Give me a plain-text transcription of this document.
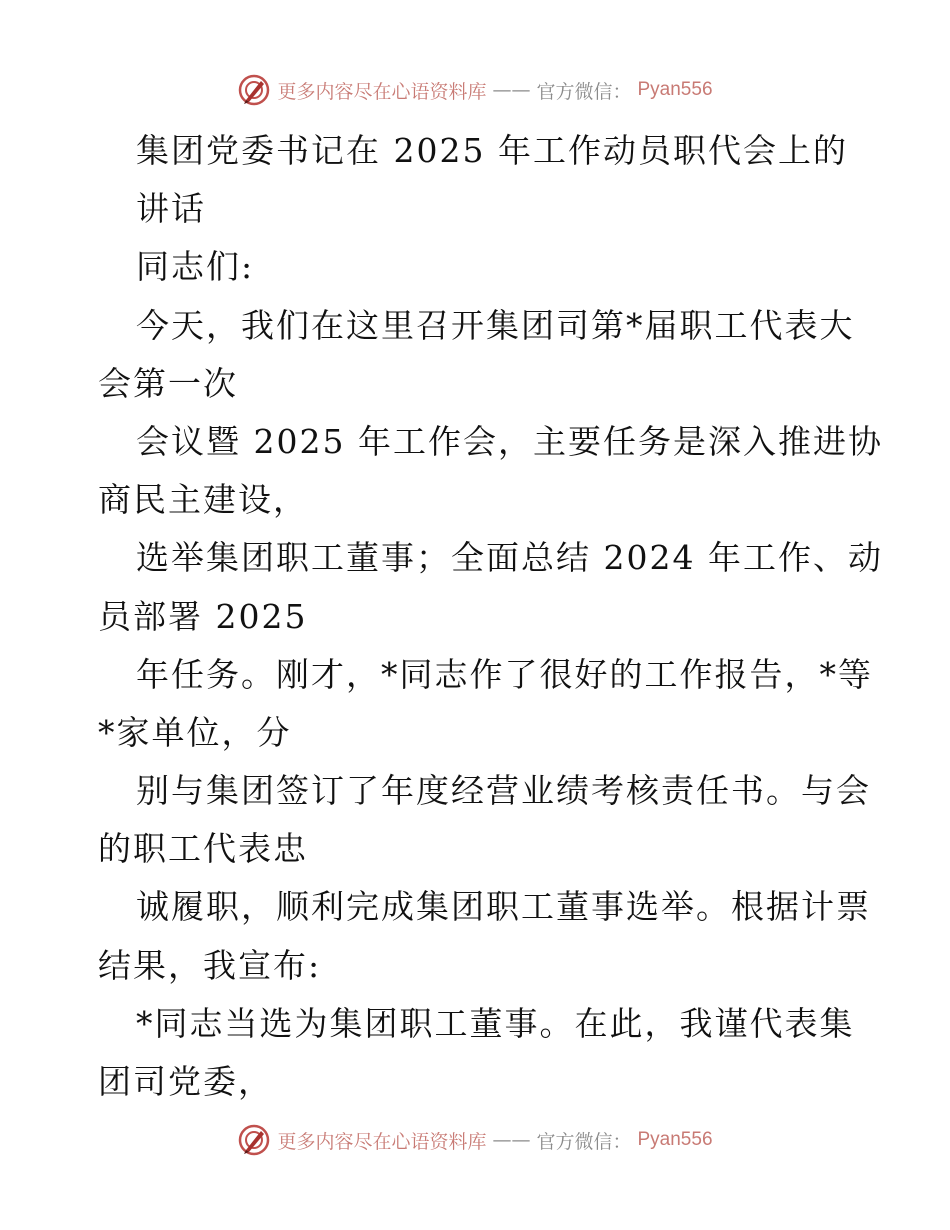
更多内容尽在心语资料库 —— 官方微信： Pyan556
集团党委书记在 2025 年工作动员职代会上的
讲话
同志们:
今天，我们在这里召开集团司第*届职工代表大
会第一次
会议暨 2025 年工作会，主要任务是深入推进协
商民主建设，
选举集团职工董事；全面总结 2024 年工作、动
员部署 2025
年任务。刚才，*同志作了很好的工作报告，*等
*家单位，分
别与集团签订了年度经营业绩考核责任书。与会
的职工代表忠
诚履职，顺利完成集团职工董事选举。根据计票
结果，我宣布:
*同志当选为集团职工董事。在此，我谨代表集
团司党委，
更多内容尽在心语资料库 —— 官方微信： Pyan556
